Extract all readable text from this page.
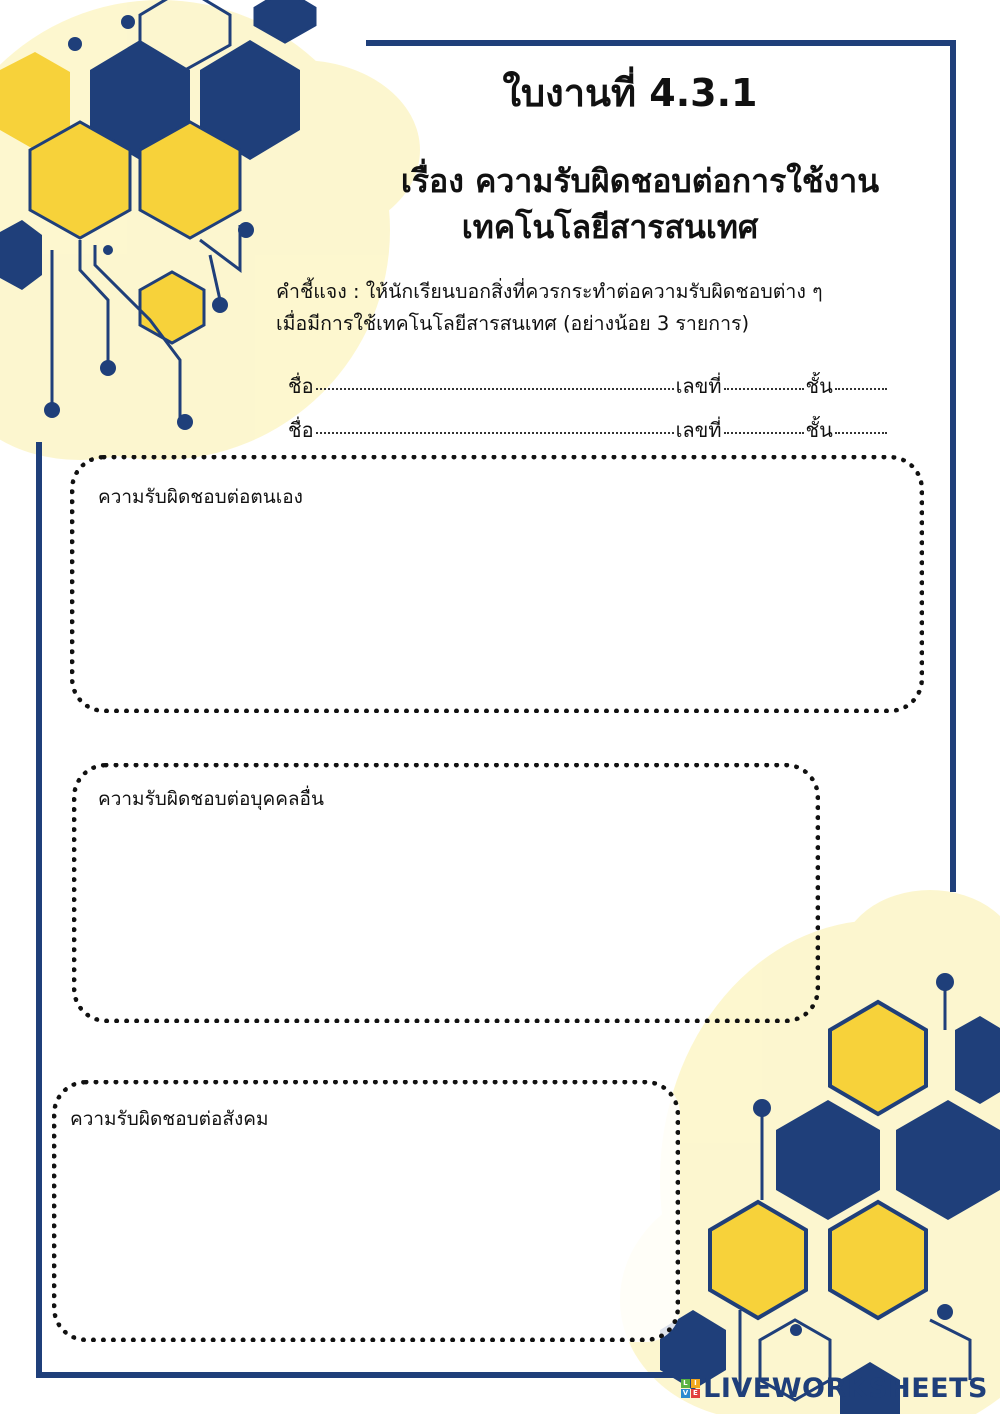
ใบงานที่ 4.3.1
เรื่อง ความรับผิดชอบต่อการใช้งาน
เทคโนโลยีสารสนเทศ
คำชี้แจง : ให้นักเรียนบอกสิ่งที่ควรกระทำต่อความรับผิดชอบต่าง ๆ
เมื่อมีการใช้เทคโนโลยีสารสนเทศ (อย่างน้อย 3 รายการ)
ชื่อ	เลขที่	ชั้น
ชื่อ	เลขที่	ชั้น
ความรับผิดชอบต่อตนเอง
ความรับผิดชอบต่อบุคคลอื่น
ความรับผิดชอบต่อสังคม
L I
V E LIVEWORKSHEETS
